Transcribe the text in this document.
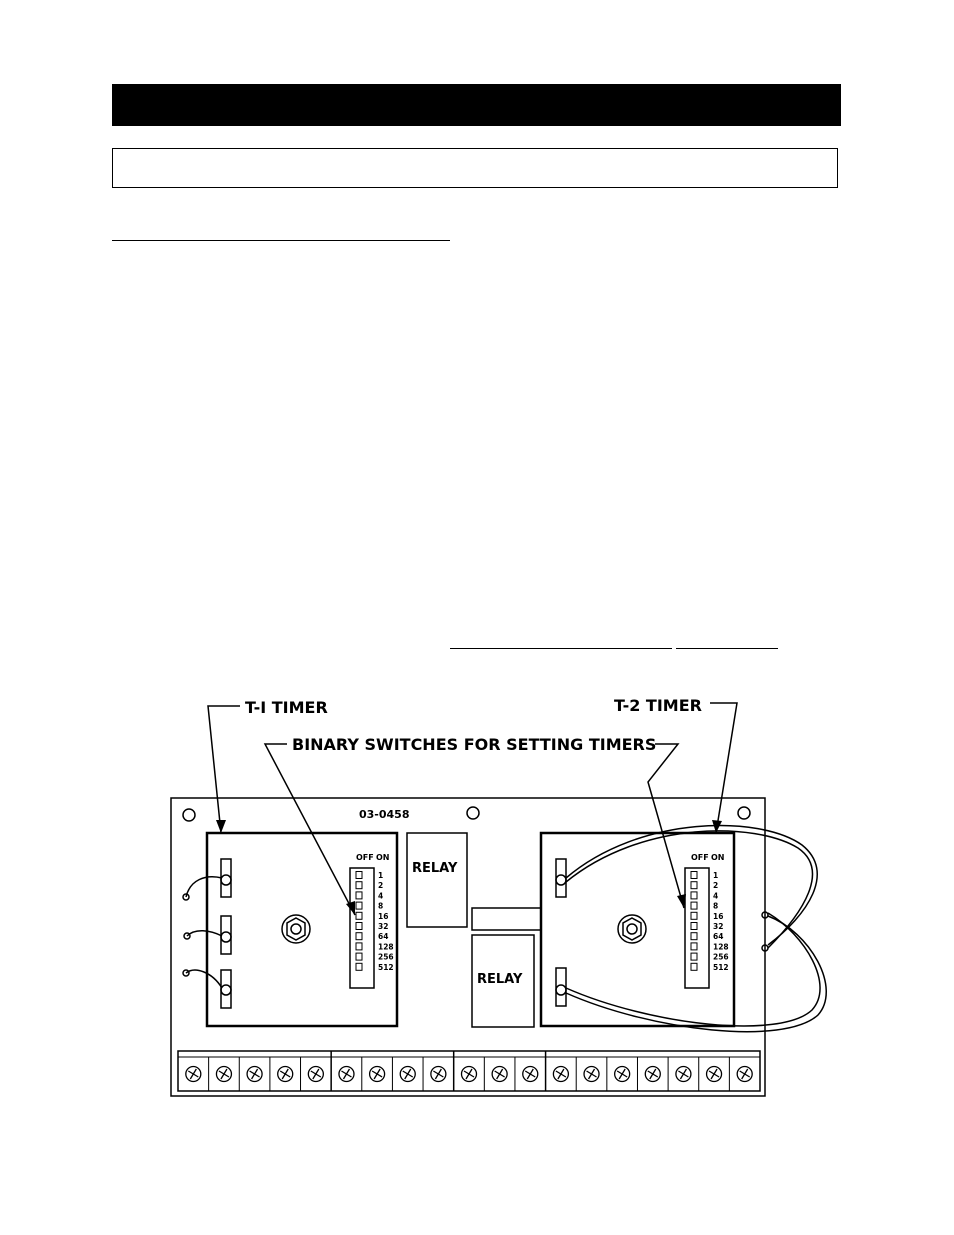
OFF ON
1
2
4
8
16
32
64
128
256
512
OFF ON
1
2
4
8
16
32
64
128
256
512
T-I TIMER	T-2 TIMER
BINARY SWITCHES FOR SETTING TIMERS
03-0458
RELAY
RELAY
